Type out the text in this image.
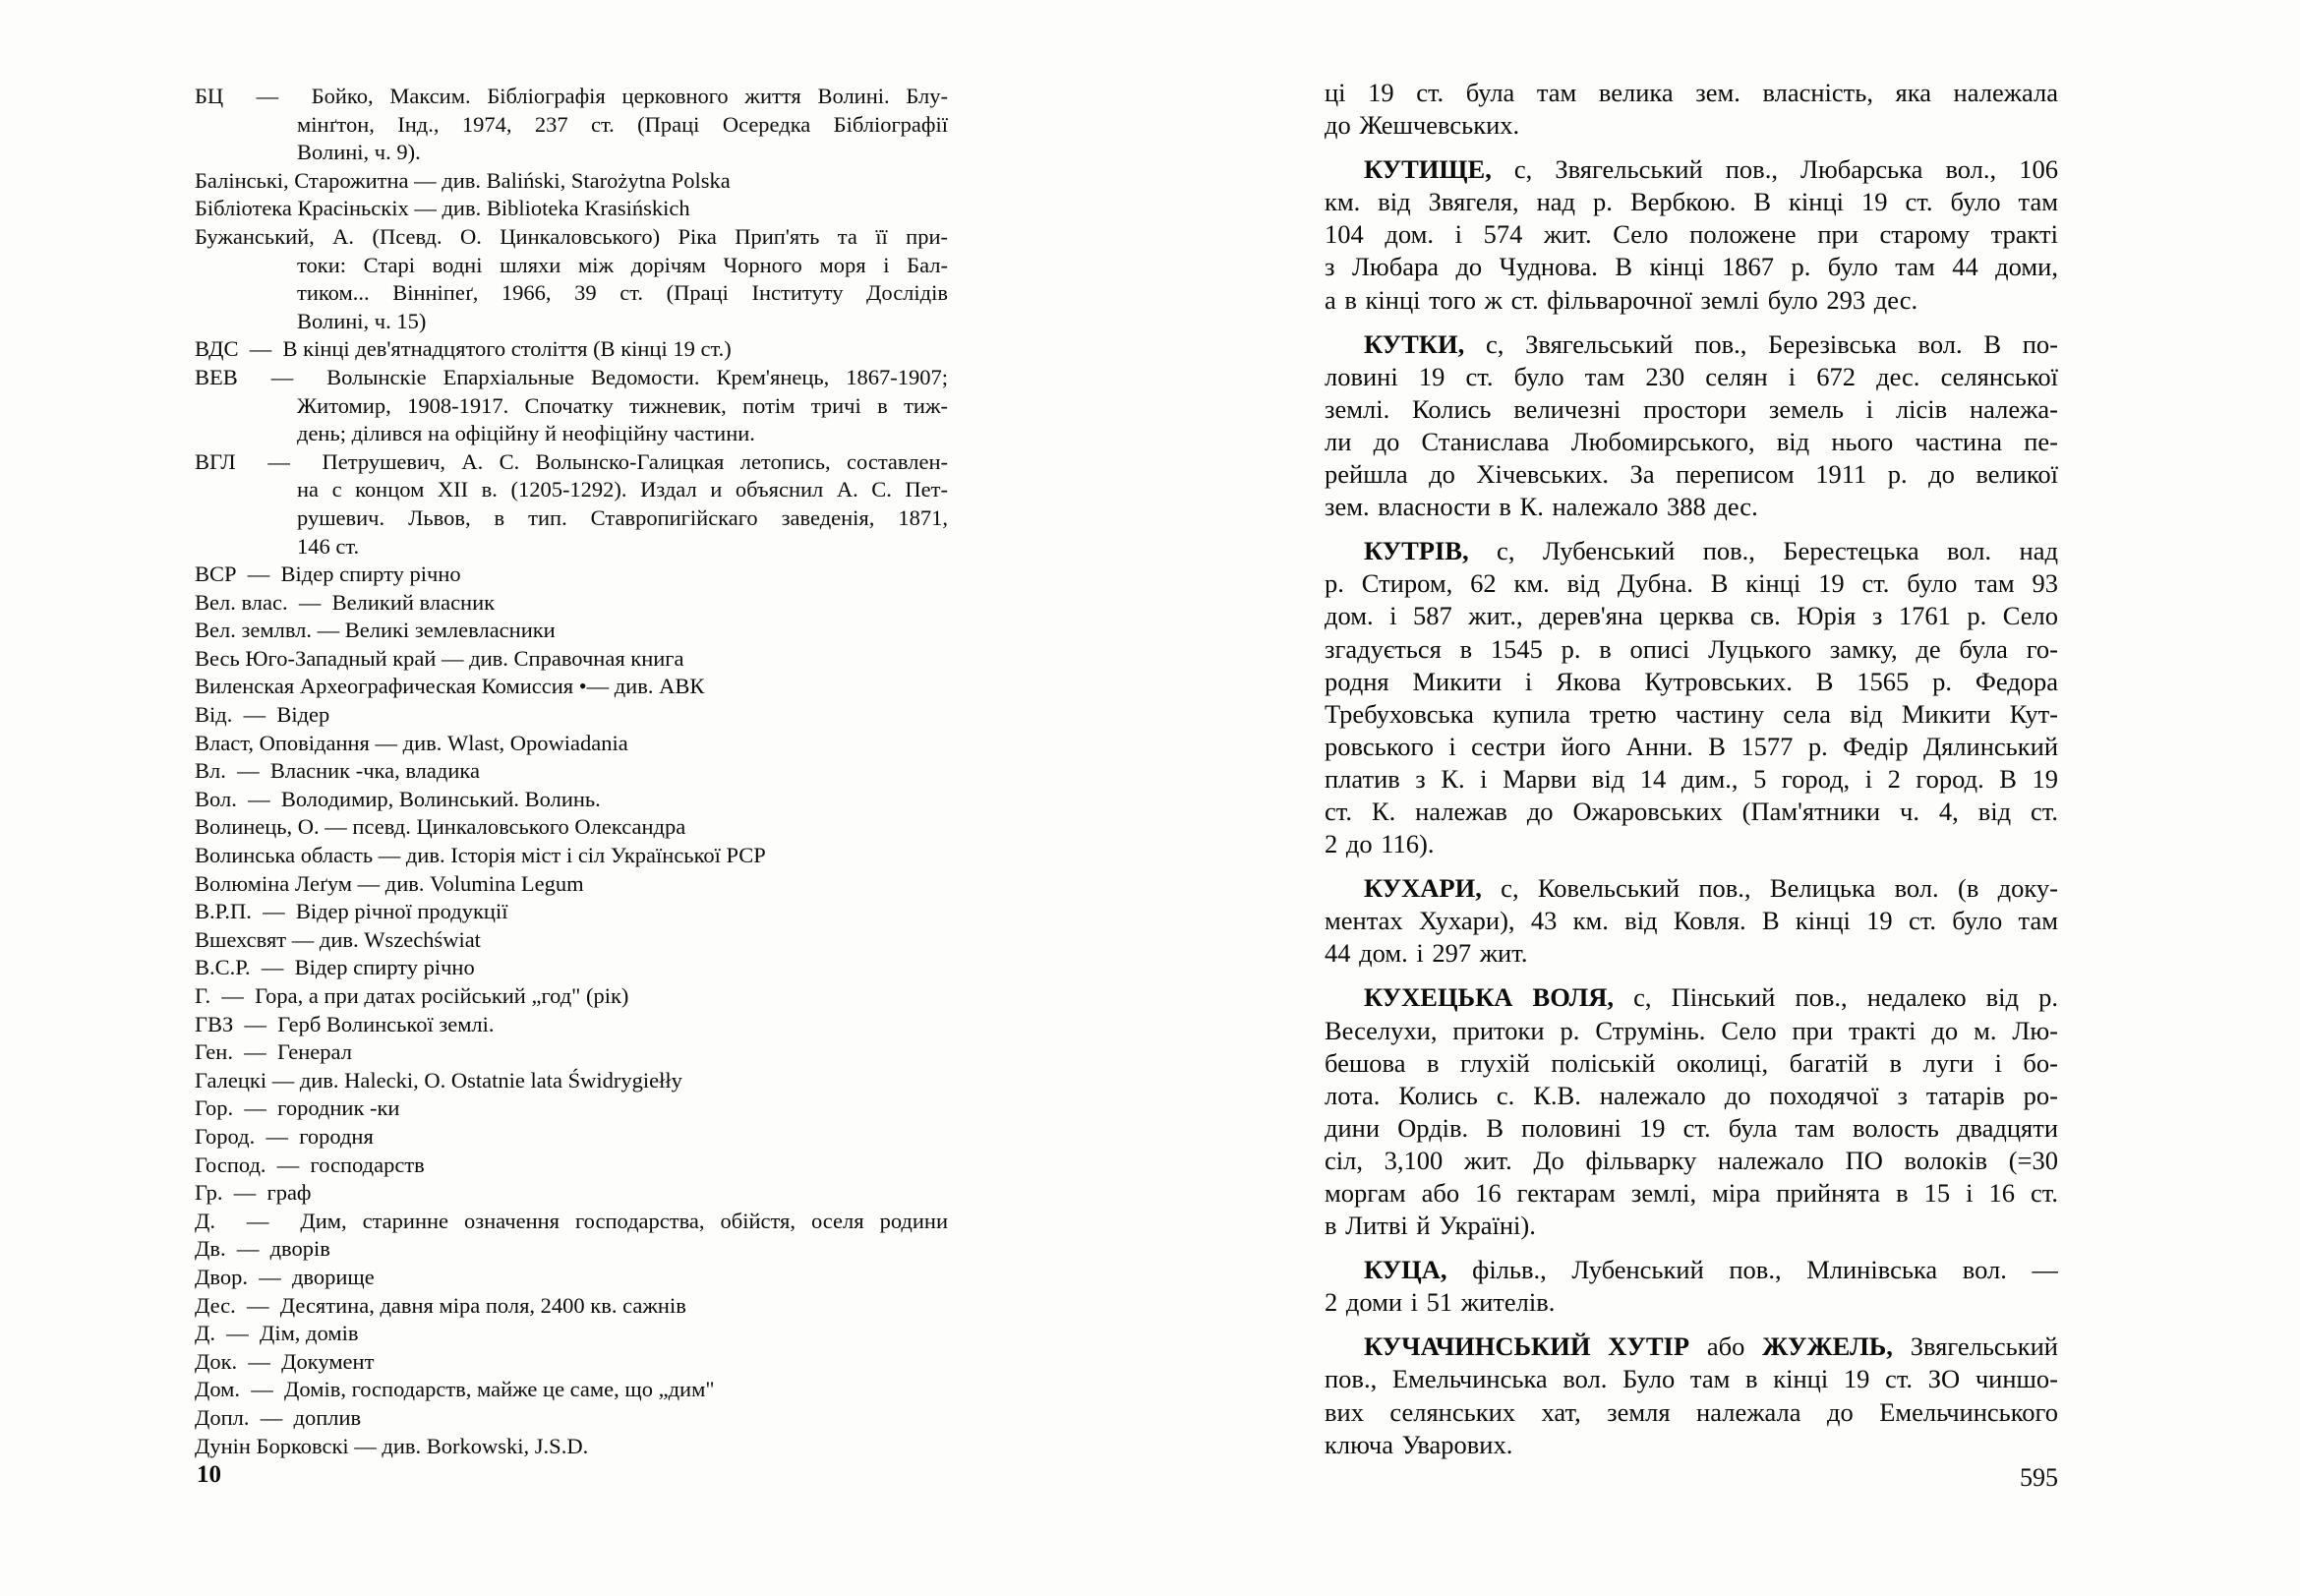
БЦ  —  Бойко, Максим. Бібліографія церковного життя Волині. Блу-
мінґтон, Інд., 1974, 237 ст. (Праці Осередка Бібліографії
Волині, ч. 9).
Балінські, Старожитна — див. Baliński, Starożytna Polska
Бібліотека Красіньскіх — див. Biblioteka Krasińskich
Бужанський, А. (Псевд. О. Цинкаловського) Ріка Прип'ять та її при-
токи: Старі водні шляхи між дорічям Чорного моря і Бал-
тиком... Вінніпеґ, 1966, 39 ст. (Праці Інституту Дослідів
Волині, ч. 15)
ВДС  —  В кінці дев'ятнадцятого століття (В кінці 19 ст.)
ВЕВ  —  Волынскіе Епархіальные Ведомости. Крем'янець, 1867-1907;
Житомир, 1908-1917. Спочатку тижневик, потім тричі в тиж-
день; ділився на офіційну й неофіційну частини.
ВГЛ  —  Петрушевич, А. С. Волынско-Галицкая летопись, составлен-
на с концом XII в. (1205-1292). Издал и объяснил А. С. Пет-
рушевич. Львов, в тип. Ставропигійскаго заведенія, 1871,
146 ст.
ВСР  —  Відер спирту річно
Вел. влас.  —  Великий власник
Вел. землвл. — Великі землевласники
Весь Юго-Западный край — див. Справочная книга
Виленская Археографическая Комиссия •— див. АВК
Від.  —  Відер
Власт, Оповідання — див. Wlast, Opowiadania
Вл.  —  Власник -чка, владика
Вол.  —  Володимир, Волинський. Волинь.
Волинець, О. — псевд. Цинкаловського Олександра
Волинська область — див. Історія міст і сіл Української РСР
Волюміна Леґум — див. Volumina Legum
В.Р.П.  —  Відер річної продукції
Вшехсвят — див. Wszechświat
В.С.Р.  —  Відер спирту річно
Г.  —  Гора, а при датах російський „год" (рік)
ГВЗ  —  Герб Волинської землі.
Ген.  —  Генерал
Галецкі — див. Halecki, O. Ostatnie lata Świdrygiełły
Гор.  —  городник -ки
Город.  —  городня
Господ.  —  господарств
Гр.  —  граф
Д.  —  Дим, старинне означення господарства, обійстя, оселя родини
Дв.  —  дворів
Двор.  —  дворище
Дес.  —  Десятина, давня міра поля, 2400 кв. сажнів
Д.  —  Дім, домів
Док.  —  Документ
Дом.  —  Домів, господарств, майже це саме, що „дим"
Допл.  —  доплив
Дунін Борковскі — див. Borkowski, J.S.D.
10
ці 19 ст. була там велика зем. власність, яка належала
до Жешчевських.
КУТИЩЕ, с, Звягельський пов., Любарська вол., 106
км. від Звягеля, над р. Вербкою. В кінці 19 ст. було там
104 дом. і 574 жит. Село положене при старому тракті
з Любара до Чуднова. В кінці 1867 р. було там 44 доми,
а в кінці того ж ст. фільварочної землі було 293 дес.
КУТКИ, с, Звягельський пов., Березівська вол. В по-
ловині 19 ст. було там 230 селян і 672 дес. селянської
землі. Колись величезні простори земель і лісів належа-
ли до Станислава Любомирського, від нього частина пе-
рейшла до Хічевських. За переписом 1911 р. до великої
зем. власности в К. належало 388 дес.
КУТРІВ, с, Лубенський пов., Берестецька вол. над
р. Стиром, 62 км. від Дубна. В кінці 19 ст. було там 93
дом. і 587 жит., дерев'яна церква св. Юрія з 1761 р. Село
згадується в 1545 р. в описі Луцького замку, де була го-
родня Микити і Якова Кутровських. В 1565 р. Федора
Требуховська купила третю частину села від Микити Кут-
ровського і сестри його Анни. В 1577 р. Федір Дялинський
платив з К. і Марви від 14 дим., 5 город, і 2 город. В 19
ст. К. належав до Ожаровських (Пам'ятники ч. 4, від ст.
2 до 116).
КУХАРИ, с, Ковельський пов., Велицька вол. (в доку-
ментах Хухари), 43 км. від Ковля. В кінці 19 ст. було там
44 дом. і 297 жит.
КУХЕЦЬКА ВОЛЯ, с, Пінський пов., недалеко від р.
Веселухи, притоки р. Струмінь. Село при тракті до м. Лю-
бешова в глухій поліській околиці, багатій в луги і бо-
лота. Колись с. К.В. належало до походячої з татарів ро-
дини Ордів. В половині 19 ст. була там волость двадцяти
сіл, 3,100 жит. До фільварку належало ПО волоків (=30
моргам або 16 гектарам землі, міра прийнята в 15 і 16 ст.
в Литві й Україні).
КУЦА, фільв., Лубенський пов., Млинівська вол. —
2 доми і 51 жителів.
КУЧАЧИНСЬКИЙ ХУТІР або ЖУЖЕЛЬ, Звягельський
пов., Емельчинська вол. Було там в кінці 19 ст. ЗО чиншо-
вих селянських хат, земля належала до Емельчинського
ключа Уварових.
595
